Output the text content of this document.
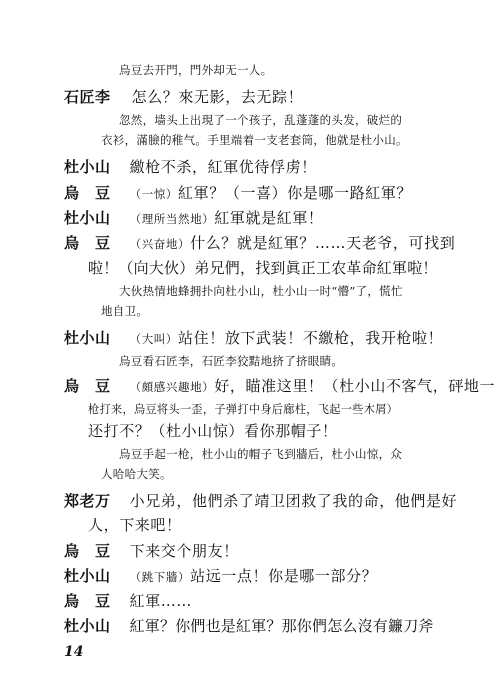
烏豆去开門，門外却无一人。
石匠李 怎么？來无影，去无踪！
忽然，墙头上出現了一个孩子，乱蓬蓬的头发，破烂的
衣衫，滿臉的稚气。手里端着一支老套筒，他就是杜小山。
杜小山 繳枪不杀，紅軍优待俘虏！
烏　豆 （一惊）紅軍？（一喜）你是哪一路紅軍？
杜小山 （理所当然地）紅軍就是紅軍！
烏　豆 （兴奋地）什么？就是紅軍？……天老爷，可找到
啦！（向大伙）弟兄們，找到眞正工农革命紅軍啦！
大伙热情地蜂拥扑向杜小山，杜小山一时“懵”了，慌忙
地自卫。
杜小山 （大叫）站住！放下武装！不繳枪，我开枪啦！
烏豆看石匠李，石匠李狡黠地挤了挤眼睛。
烏　豆 （頗感兴趣地）好，瞄准这里！（杜小山不客气，砰地一
枪打来，烏豆将头一歪，子弹打中身后廊柱，飞起一些木屑）
还打不？（杜小山惊）看你那帽子！
烏豆手起一枪，杜小山的帽子飞到牆后，杜小山惊，众
人哈哈大笑。
郑老万 小兄弟，他們杀了靖卫团救了我的命，他們是好
人，下来吧！
烏　豆 下来交个朋友！
杜小山 （跳下牆）站远一点！你是哪一部分？
烏　豆 紅軍……
杜小山 紅軍？你們也是紅軍？那你們怎么沒有鐮刀斧
14
